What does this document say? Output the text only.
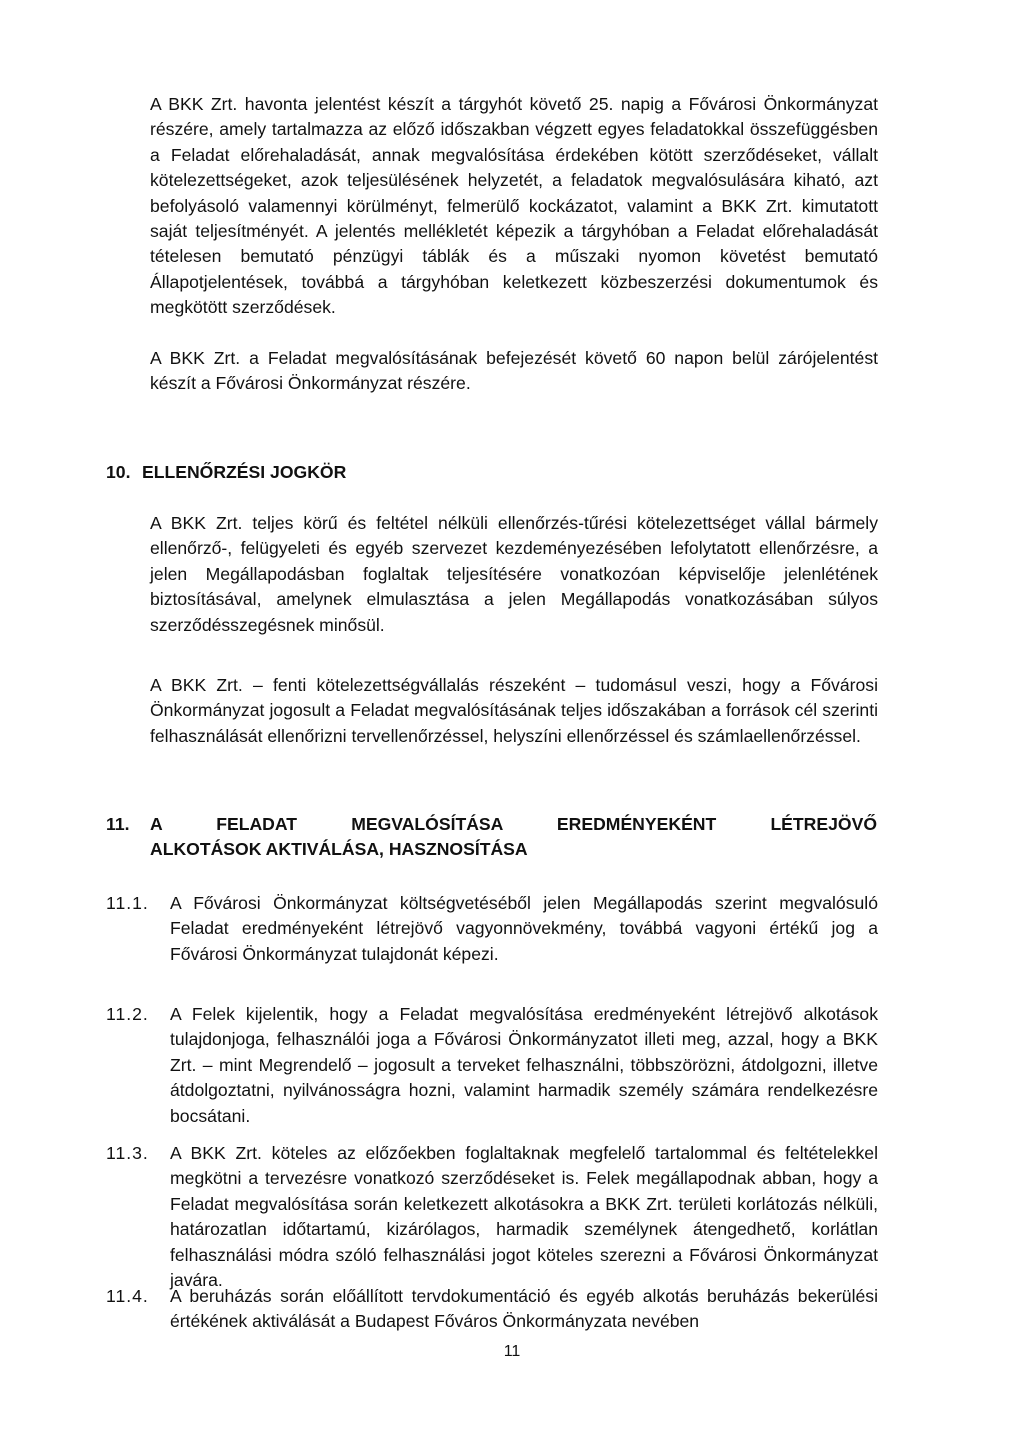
A BKK Zrt. havonta jelentést készít a tárgyhót követő 25. napig a Fővárosi Önkormányzat részére, amely tartalmazza az előző időszakban végzett egyes feladatokkal összefüggésben a Feladat előrehaladását, annak megvalósítása érdekében kötött szerződéseket, vállalt kötelezettségeket, azok teljesülésének helyzetét, a feladatok megvalósulására kiható, azt befolyásoló valamennyi körülményt, felmerülő kockázatot, valamint a BKK Zrt. kimutatott saját teljesítményét. A jelentés mellékletét képezik a tárgyhóban a Feladat előrehaladását tételesen bemutató pénzügyi táblák és a műszaki nyomon követést bemutató Állapotjelentések, továbbá a tárgyhóban keletkezett közbeszerzési dokumentumok és megkötött szerződések.

A BKK Zrt. a Feladat megvalósításának befejezését követő 60 napon belül zárójelentést készít a Fővárosi Önkormányzat részére.

10. ELLENŐRZÉSI JOGKÖR

A BKK Zrt. teljes körű és feltétel nélküli ellenőrzés-tűrési kötelezettséget vállal bármely ellenőrző-, felügyeleti és egyéb szervezet kezdeményezésében lefolytatott ellenőrzésre, a jelen Megállapodásban foglaltak teljesítésére vonatkozóan képviselője jelenlétének biztosításával, amelynek elmulasztása a jelen Megállapodás vonatkozásában súlyos szerződésszegésnek minősül.

A BKK Zrt. – fenti kötelezettségvállalás részeként – tudomásul veszi, hogy a Fővárosi Önkormányzat jogosult a Feladat megvalósításának teljes időszakában a források cél szerinti felhasználását ellenőrizni tervellenőrzéssel, helyszíni ellenőrzéssel és számlaellenőrzéssel.

11. A FELADAT MEGVALÓSÍTÁSA EREDMÉNYEKÉNT LÉTREJÖVŐ
ALKOTÁSOK AKTIVÁLÁSA, HASZNOSÍTÁSA
11.1. A Fővárosi Önkormányzat költségvetéséből jelen Megállapodás szerint megvalósuló Feladat eredményeként létrejövő vagyonnövekmény, továbbá vagyoni értékű jog a Fővárosi Önkormányzat tulajdonát képezi.

11.2. A Felek kijelentik, hogy a Feladat megvalósítása eredményeként létrejövő alkotások tulajdonjoga, felhasználói joga a Fővárosi Önkormányzatot illeti meg, azzal, hogy a BKK Zrt. – mint Megrendelő – jogosult a terveket felhasználni, többszörözni, átdolgozni, illetve átdolgoztatni, nyilvánosságra hozni, valamint harmadik személy számára rendelkezésre bocsátani.

11.3. A BKK Zrt. köteles az előzőekben foglaltaknak megfelelő tartalommal és feltételekkel megkötni a tervezésre vonatkozó szerződéseket is. Felek megállapodnak abban, hogy a Feladat megvalósítása során keletkezett alkotásokra a BKK Zrt. területi korlátozás nélküli, határozatlan időtartamú, kizárólagos, harmadik személynek átengedhető, korlátlan felhasználási módra szóló felhasználási jogot köteles szerezni a Fővárosi Önkormányzat javára.

11.4. A beruházás során előállított tervdokumentáció és egyéb alkotás beruházás bekerülési értékének aktiválását a Budapest Főváros Önkormányzata nevében

11
